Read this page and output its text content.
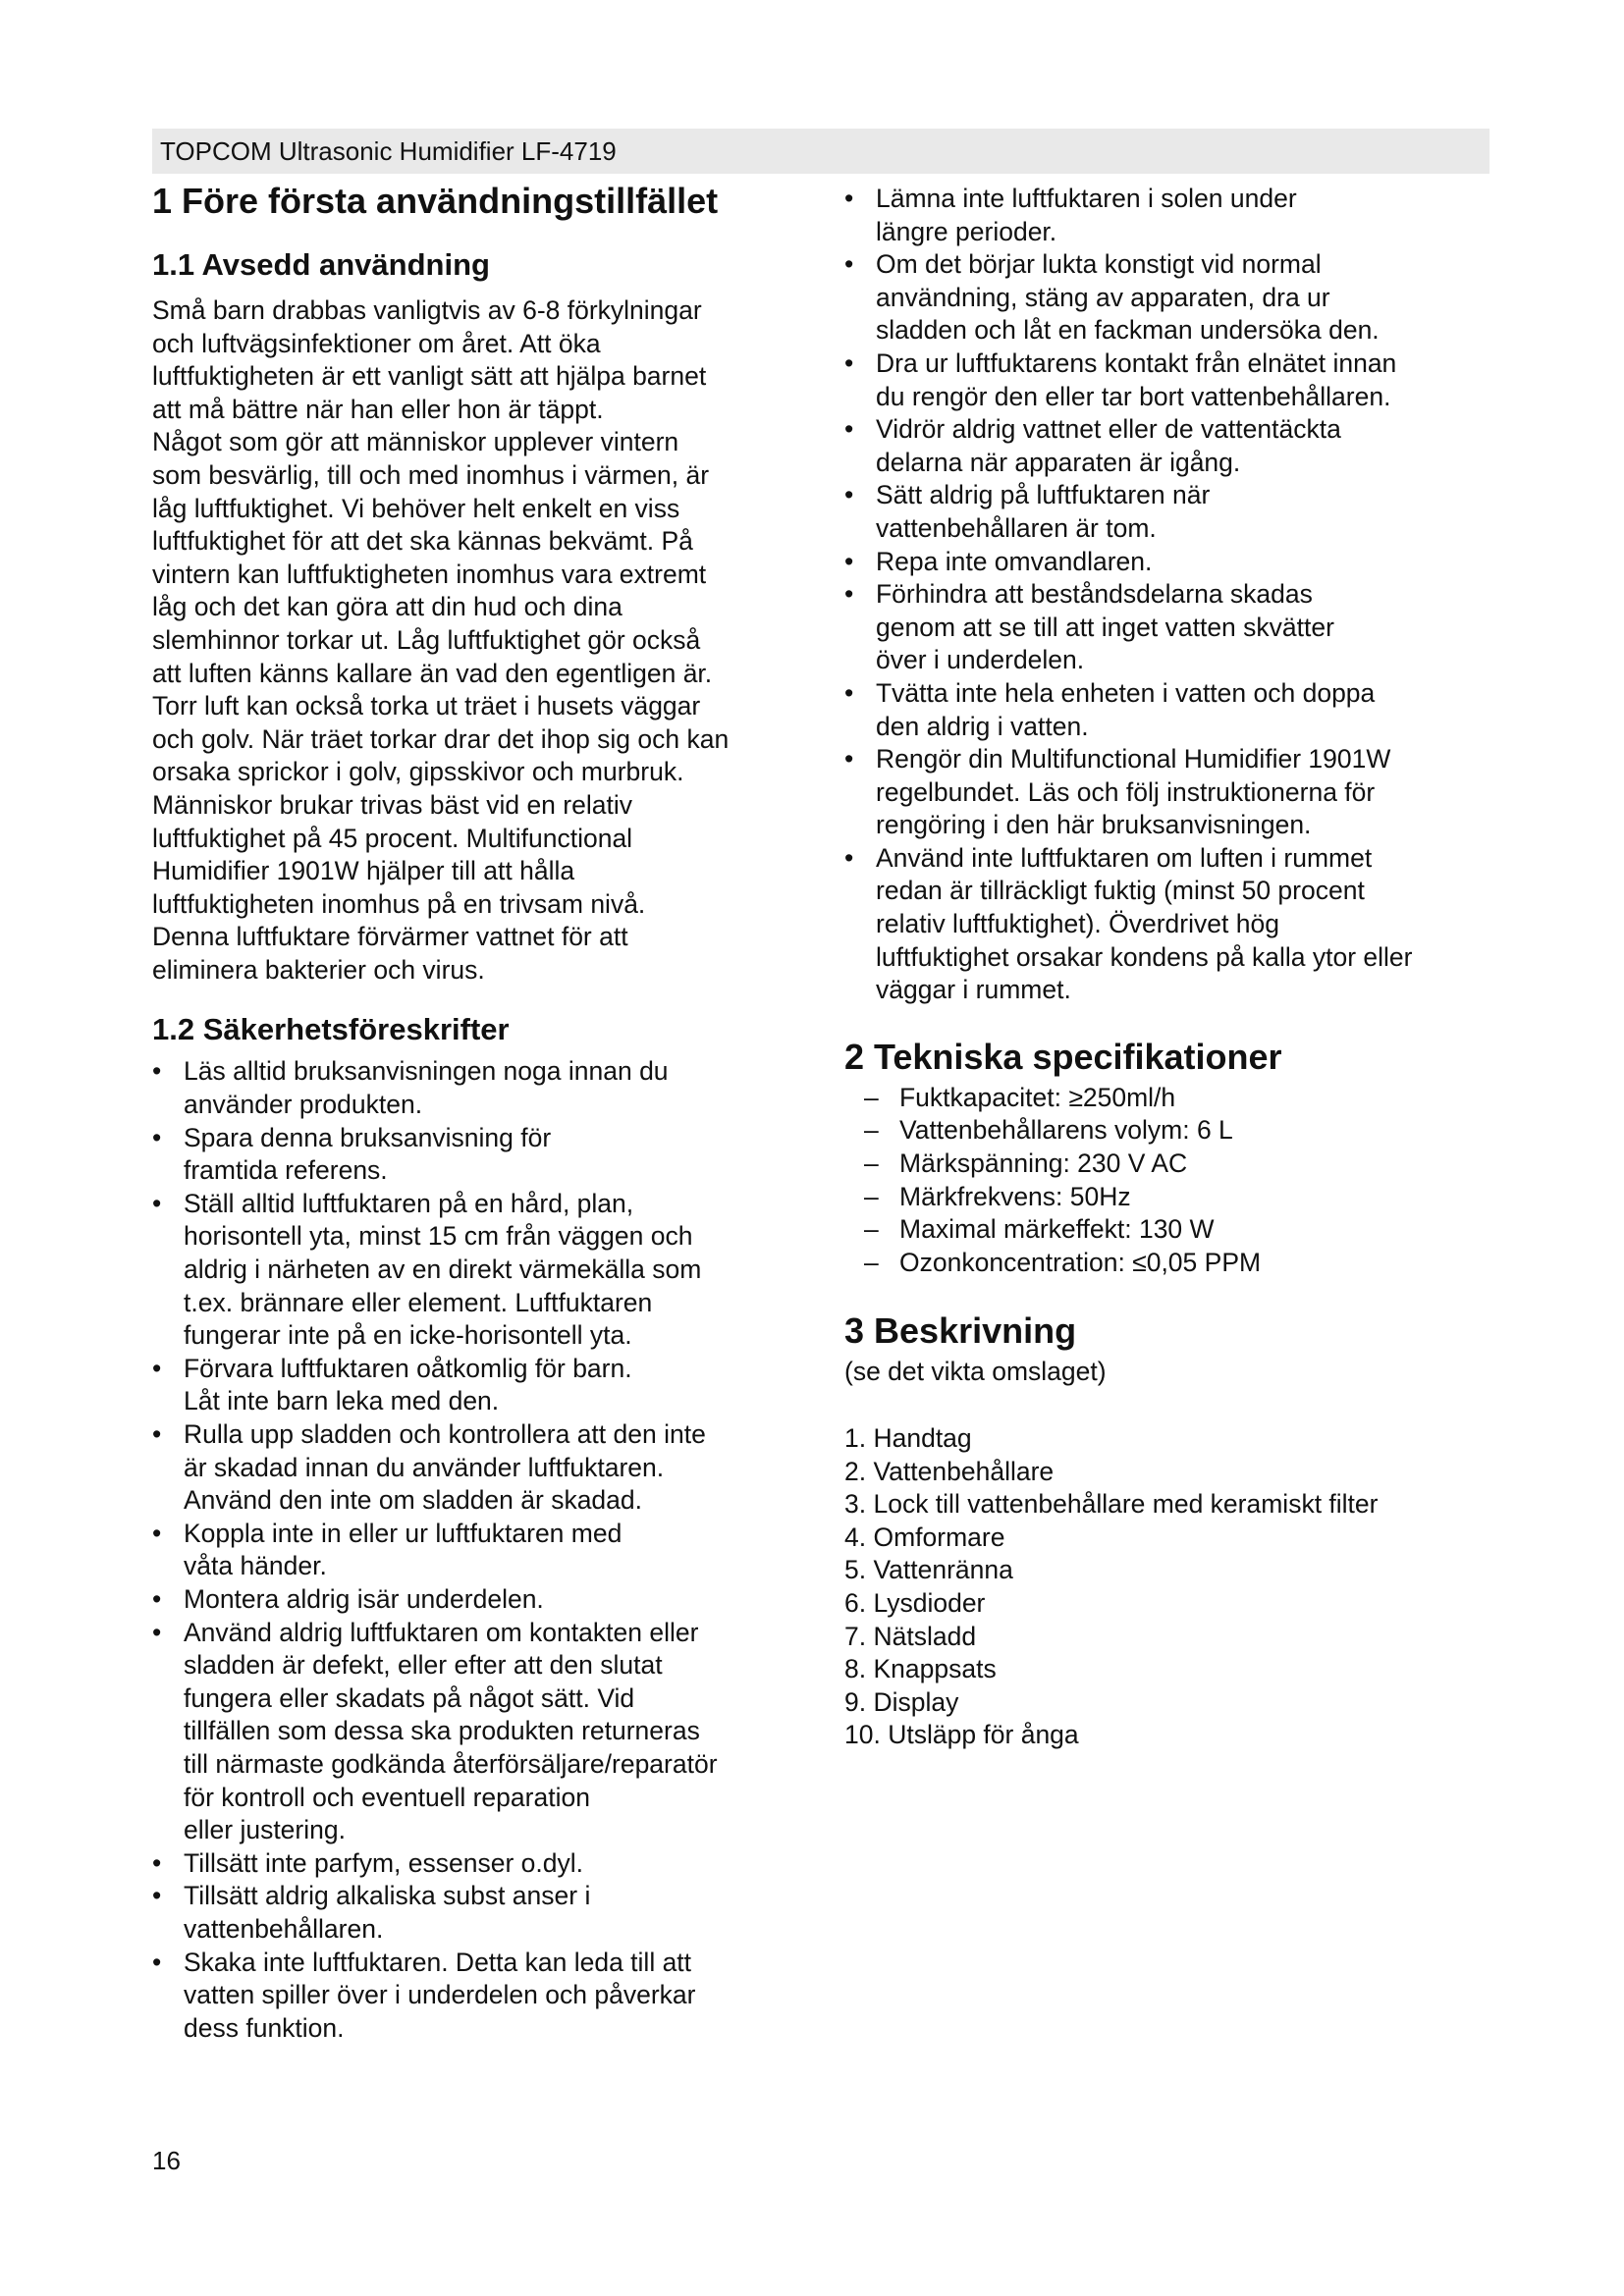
TOPCOM Ultrasonic Humidifier LF-4719
1 Före första användningstillfället
1.1 Avsedd användning

Små barn drabbas vanligtvis av 6-8 förkylningar

och luftvägsinfektioner om året. Att öka

luftfuktigheten är ett vanligt sätt att hjälpa barnet

att må bättre när han eller hon är täppt.

Något som gör att människor upplever vintern

som besvärlig, till och med inomhus i värmen, är

låg luftfuktighet. Vi behöver helt enkelt en viss

luftfuktighet för att det ska kännas bekvämt. På

vintern kan luftfuktigheten inomhus vara extremt

låg och det kan göra att din hud och dina

slemhinnor torkar ut. Låg luftfuktighet gör också

att luften känns kallare än vad den egentligen är.

Torr luft kan också torka ut träet i husets väggar

och golv. När träet torkar drar det ihop sig och kan

orsaka sprickor i golv, gipsskivor och murbruk.

Människor brukar trivas bäst vid en relativ

luftfuktighet på 45 procent. Multifunctional

Humidifier 1901W hjälper till att hålla

luftfuktigheten inomhus på en trivsam nivå.

Denna luftfuktare förvärmer vattnet för att

eliminera bakterier och virus.

1.2 Säkerhetsföreskrifter
• Läs alltid bruksanvisningen noga innan du
använder produkten.
• Spara denna bruksanvisning för
framtida referens.
• Ställ alltid luftfuktaren på en hård, plan,
horisontell yta, minst 15 cm från väggen och
aldrig i närheten av en direkt värmekälla som
t.ex. brännare eller element. Luftfuktaren
fungerar inte på en icke-horisontell yta.
• Förvara luftfuktaren oåtkomlig för barn.
Låt inte barn leka med den.
• Rulla upp sladden och kontrollera att den inte
är skadad innan du använder luftfuktaren.
Använd den inte om sladden är skadad.
• Koppla inte in eller ur luftfuktaren med
våta händer.
• Montera aldrig isär underdelen.
• Använd aldrig luftfuktaren om kontakten eller
sladden är defekt, eller efter att den slutat
fungera eller skadats på något sätt. Vid
tillfällen som dessa ska produkten returneras
till närmaste godkända återförsäljare/reparatör
för kontroll och eventuell reparation
eller justering.
• Tillsätt inte parfym, essenser o.dyl.
• Tillsätt aldrig alkaliska subst anser i
vattenbehållaren.
• Skaka inte luftfuktaren. Detta kan leda till att
vatten spiller över i underdelen och påverkar
dess funktion.
• Lämna inte luftfuktaren i solen under
längre perioder.
• Om det börjar lukta konstigt vid normal
användning, stäng av apparaten, dra ur
sladden och låt en fackman undersöka den.
• Dra ur luftfuktarens kontakt från elnätet innan
du rengör den eller tar bort vattenbehållaren.
• Vidrör aldrig vattnet eller de vattentäckta
delarna när apparaten är igång.
• Sätt aldrig på luftfuktaren när
vattenbehållaren är tom.
• Repa inte omvandlaren.
• Förhindra att beståndsdelarna skadas
genom att se till att inget vatten skvätter
över i underdelen.
• Tvätta inte hela enheten i vatten och doppa
den aldrig i vatten.
• Rengör din Multifunctional Humidifier 1901W
regelbundet. Läs och följ instruktionerna för
rengöring i den här bruksanvisningen.
• Använd inte luftfuktaren om luften i rummet
redan är tillräckligt fuktig (minst 50 procent
relativ luftfuktighet). Överdrivet hög
luftfuktighet orsakar kondens på kalla ytor eller
väggar i rummet.
2 Tekniska specifikationer
– Fuktkapacitet: ≥250ml/h
– Vattenbehållarens volym: 6 L
– Märkspänning: 230 V AC
– Märkfrekvens: 50Hz
– Maximal märkeffekt: 130 W
– Ozonkoncentration: ≤0,05 PPM
3 Beskrivning

(se det vikta omslaget)

1. Handtag
2. Vattenbehållare
3. Lock till vattenbehållare med keramiskt filter
4. Omformare
5. Vattenränna
6. Lysdioder
7. Nätsladd
8. Knappsats
9. Display
10. Utsläpp för ånga
16
